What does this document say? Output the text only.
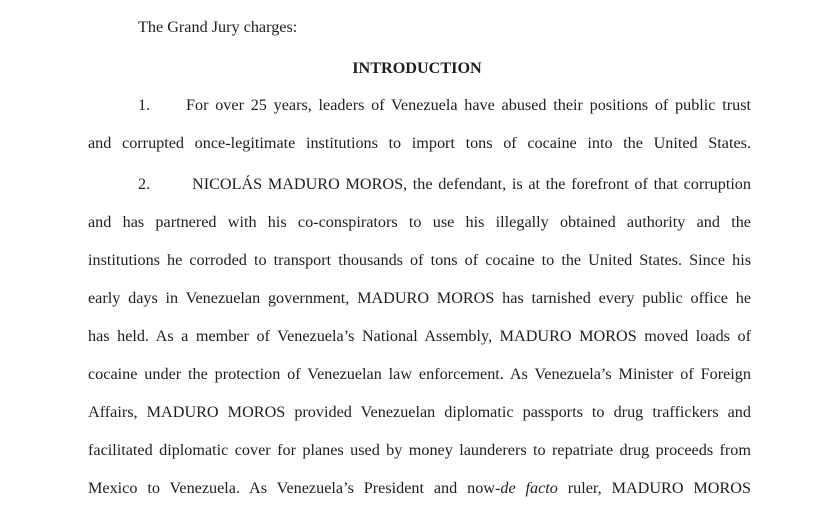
The Grand Jury charges:
INTRODUCTION
1.	For over 25 years, leaders of Venezuela have abused their positions of public trust
and corrupted once-legitimate institutions to import tons of cocaine into the United States.
2.	NICOLÁS MADURO MOROS, the defendant, is at the forefront of that corruption
and has partnered with his co-conspirators to use his illegally obtained authority and the
institutions he corroded to transport thousands of tons of cocaine to the United States. Since his
early days in Venezuelan government, MADURO MOROS has tarnished every public office he
has held. As a member of Venezuela’s National Assembly, MADURO MOROS moved loads of
cocaine under the protection of Venezuelan law enforcement. As Venezuela’s Minister of Foreign
Affairs, MADURO MOROS provided Venezuelan diplomatic passports to drug traffickers and
facilitated diplomatic cover for planes used by money launderers to repatriate drug proceeds from
Mexico to Venezuela. As Venezuela’s President and now-de facto ruler, MADURO MOROS
